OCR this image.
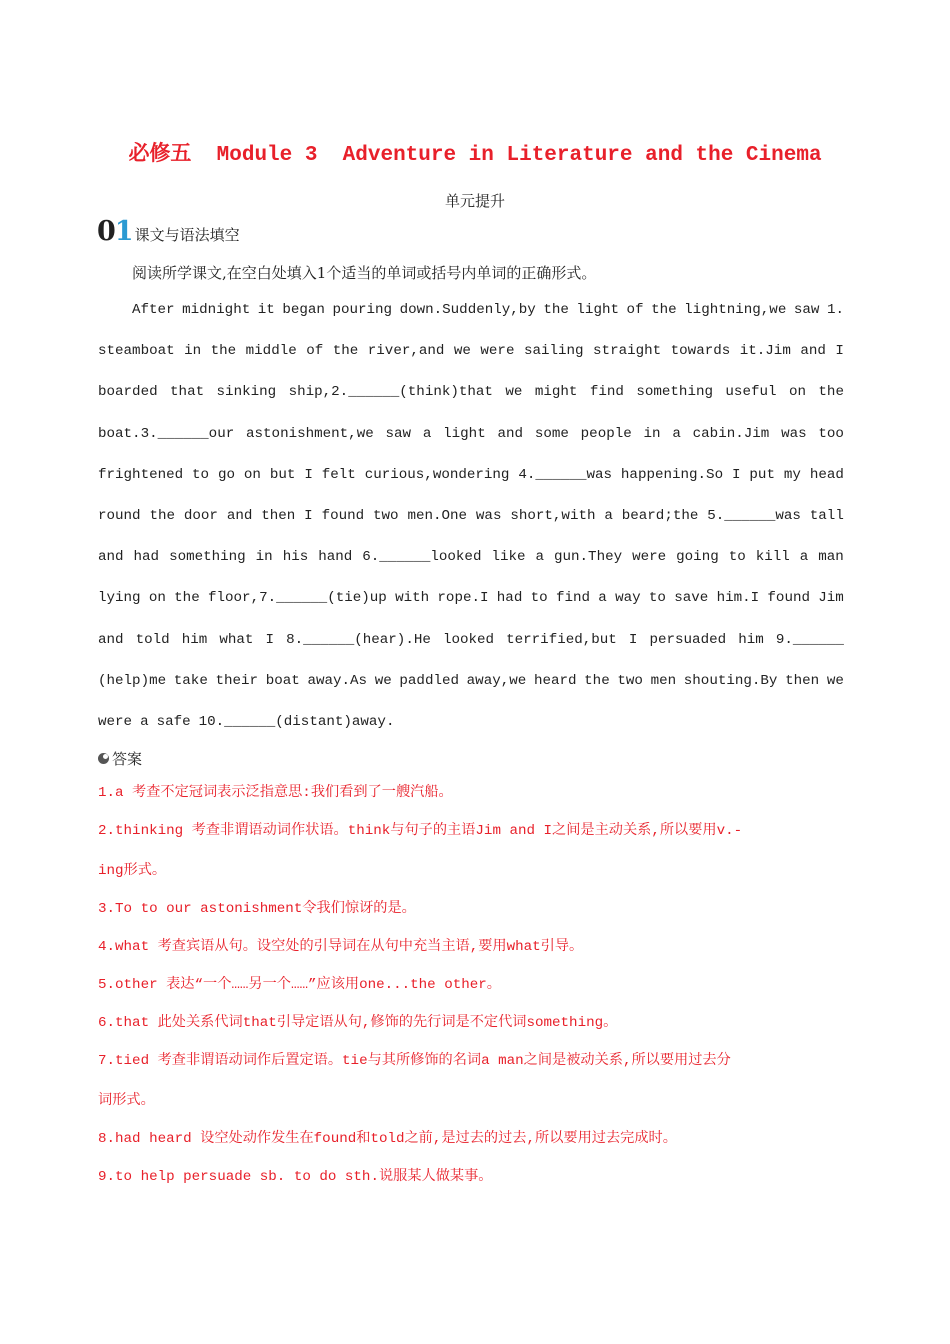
必修五  Module 3  Adventure in Literature and the Cinema
单元提升
01 课文与语法填空
阅读所学课文,在空白处填入1个适当的单词或括号内单词的正确形式。
After midnight it began pouring down.Suddenly,by the light of the lightning,we saw 1.
steamboat in the middle of the river,and we were sailing straight towards it.Jim and I
boarded that sinking ship,2.______(think)that we might find something useful on the
boat.3.______our astonishment,we saw a light and some people in a cabin.Jim was too
frightened to go on but I felt curious,wondering 4.______was happening.So I put my head
round the door and then I found two men.One was short,with a beard;the 5.______was tall
and had something in his hand 6.______looked like a gun.They were going to kill a man
lying on the floor,7.______(tie)up with rope.I had to find a way to save him.I found Jim
and told him what I 8.______(hear).He looked terrified,but I persuaded him 9.______
(help)me take their boat away.As we paddled away,we heard the two men shouting.By then we
were a safe 10.______(distant)away.
答案
1.a 考查不定冠词表示泛指意思:我们看到了一艘汽船。
2.thinking 考查非谓语动词作状语。think与句子的主语Jim and I之间是主动关系,所以要用v.-
ing形式。
3.To to our astonishment令我们惊讶的是。
4.what 考查宾语从句。设空处的引导词在从句中充当主语,要用what引导。
5.other 表达“一个……另一个……”应该用one...the other。
6.that 此处关系代词that引导定语从句,修饰的先行词是不定代词something。
7.tied 考查非谓语动词作后置定语。tie与其所修饰的名词a man之间是被动关系,所以要用过去分
词形式。
8.had heard 设空处动作发生在found和told之前,是过去的过去,所以要用过去完成时。
9.to help persuade sb. to do sth.说服某人做某事。
